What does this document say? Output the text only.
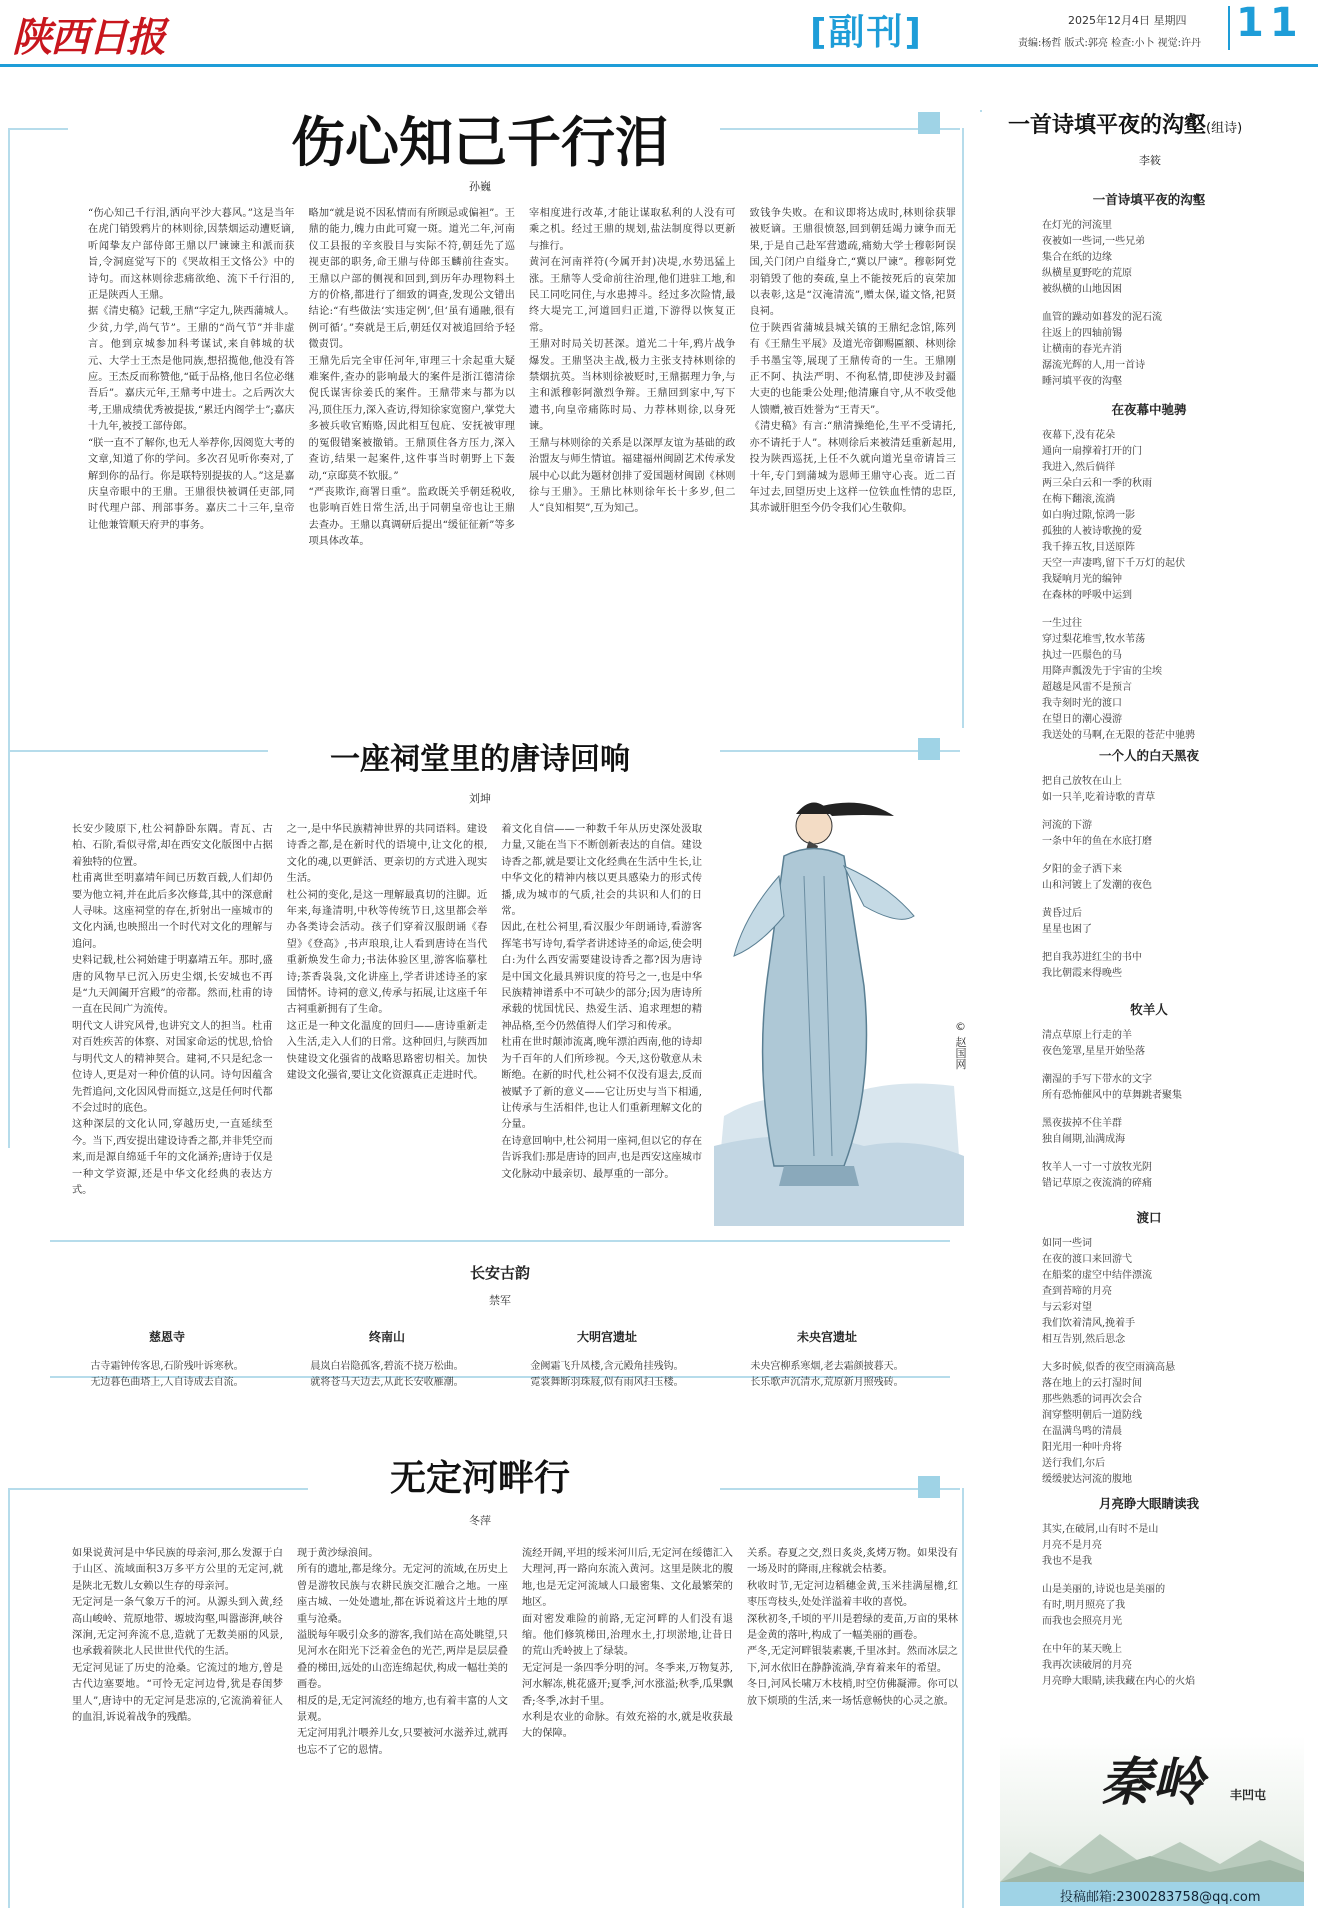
陕西日报	[副刊]	2025年12月4日 星期四
责编:杨哲 版式:郭亮 检查:小卜 视觉:许丹 11
伤心知己千行泪
孙巍
“伤心知己千行泪,洒向平沙大暮风。”这是当年在虎门销毁鸦片的林则徐,因禁烟运动遭贬谪,听闻挚友户部侍郎王鼎以尸谏谏主和派而获旨,令洞庭觉写下的《哭故相王文恪公》中的诗句。而这林则徐悲痛欲绝、流下千行泪的,正是陕西人王鼎。
据《清史稿》记载,王鼎“字定九,陕西蒲城人。少贫,力学,尚气节”。王鼎的“尚气节”并非虚言。他到京城参加科考谋试,来自韩城的状元、大学士王杰是他同族,想招揽他,他没有答应。王杰反而称赞他,“砥于品格,他日名位必继吾后”。嘉庆元年,王鼎考中进士。之后两次大考,王鼎成绩优秀被提拔,“累迁内阁学士”;嘉庆十九年,被授工部侍郎。
“朕一直不了解你,也无人举荐你,因阅览大考的文章,知道了你的学问。多次召见听你奏对,了解到你的品行。你是联特别提拔的人。”这是嘉庆皇帝眼中的王鼎。王鼎很快被调任吏部,同时代理户部、刑部事务。嘉庆二十三年,皇帝让他兼管顺天府尹的事务。
略加“就是说不因私情而有所顾忌或偏袒”。王鼎的能力,魄力由此可窥一斑。道光二年,河南仪工县报的辛亥股目与实际不符,朝廷先了巡视吏部的职务,命王鼎与侍郎玉麟前往查实。王鼎以户部的侧视和回到,到历年办理物料土方的价格,都进行了细致的调查,发现公文错出结论:“有些做法‘实违定例’,但‘虽有通融,很有例可循’。”奏就是王后,朝廷仅对被追回给予轻微责罚。
王鼎先后完全审任河年,审理三十余起重大疑难案件,查办的影响最大的案件是浙江德清徐倪氏谋害徐姜氏的案件。王鼎带来与都为以冯,顶住压力,深入查访,得知徐家宽窗户,掌党大多被兵收官贿赂,因此相互包庇、安抚被审理的冤假错案被撤销。王鼎顶住各方压力,深入查访,结果一起案件,这件事当时朝野上下轰动,“京邸莫不钦服。”
“严丧欺诈,商署日重”。监政既关乎朝廷税收,也影响百姓日常生活,出于同朝皇帝也让王鼎去查办。王鼎以真调研后提出“缓征征新”等多项具体改革。
宰相度进行改革,才能让谋取私利的人没有可乘之机。经过王鼎的规划,盐法制度得以更新与推行。
黄河在河南祥符(今属开封)决堤,水势迅猛上涨。王鼎等人受命前往治理,他们进驻工地,和民工同吃同住,与水患搏斗。经过多次险情,最终大堤完工,河道回归正道,下游得以恢复正常。
王鼎对时局关切甚深。道光二十年,鸦片战争爆发。王鼎坚决主战,极力主张支持林则徐的禁烟抗英。当林则徐被贬时,王鼎据理力争,与主和派穆彰阿激烈争辩。王鼎回到家中,写下遗书,向皇帝痛陈时局、力荐林则徐,以身死谏。
王鼎与林则徐的关系是以深厚友谊为基础的政治盟友与师生情谊。福建福州闽剧艺术传承发展中心以此为题材创排了爱国题材闽剧《林则徐与王鼎》。王鼎比林则徐年长十多岁,但二人“良知相契”,互为知己。
致钱争失败。在和议即将达成时,林则徐获罪被贬谪。王鼎很愤怒,回到朝廷竭力谏争而无果,于是自己赴军营遗疏,痛劾大学士穆彰阿误国,关门闭户自缢身亡,“冀以尸谏”。穆彰阿党羽销毁了他的奏疏,皇上不能按死后的哀荣加以表彰,这是“汉淹清流”,赠太保,谥文恪,祀贤良祠。
位于陕西省蒲城县城关镇的王鼎纪念馆,陈列有《王鼎生平展》及道光帝御赐匾额、林则徐手书墨宝等,展现了王鼎传奇的一生。王鼎刚正不阿、执法严明、不徇私情,即使涉及封疆大吏的也能秉公处理;他清廉自守,从不收受他人馈赠,被百姓誉为“王青天”。
《清史稿》有言:“鼎清操绝伦,生平不受请托,亦不请托于人”。林则徐后来被清廷重新起用,投为陕西巡抚,上任不久就向道光皇帝请旨三十年,专门到蒲城为恩师王鼎守心丧。近二百年过去,回望历史上这样一位铁血性情的忠臣,其赤诚肝胆至今仍令我们心生敬仰。
一座祠堂里的唐诗回响
刘坤
长安少陵原下,杜公祠静卧东隅。青瓦、古柏、石阶,看似寻常,却在西安文化版图中占据着独特的位置。
杜甫离世至明嘉靖年间已历数百载,人们却仍要为他立祠,并在此后多次修葺,其中的深意耐人寻味。这座祠堂的存在,折射出一座城市的文化内涵,也映照出一个时代对文化的理解与追问。
史料记载,杜公祠始建于明嘉靖五年。那时,盛唐的风物早已沉入历史尘烟,长安城也不再是“九天阊阖开宫殿”的帝都。然而,杜甫的诗一直在民间广为流传。
明代文人讲究风骨,也讲究文人的担当。杜甫对百姓疾苦的体察、对国家命运的忧思,恰恰与明代文人的精神契合。建祠,不只是纪念一位诗人,更是对一种价值的认同。诗句因蕴含先哲追问,文化因风骨而挺立,这是任何时代都不会过时的底色。
这种深层的文化认同,穿越历史,一直延续至今。当下,西安提出建设诗香之都,并非凭空而来,而是源自绵延千年的文化涵养;唐诗于仅是一种文学资源,还是中华文化经典的表达方式。
之一,是中华民族精神世界的共同语料。建设诗香之都,是在新时代的语境中,让文化的根,文化的魂,以更鲜活、更亲切的方式进入现实生活。
杜公祠的变化,是这一理解最真切的注脚。近年来,每逢清明,中秋等传统节日,这里都会举办各类诗会活动。孩子们穿着汉服朗诵《春望》《登高》,书声琅琅,让人看到唐诗在当代重新焕发生命力;书法体验区里,游客临摹杜诗;茶香袅袅,文化讲座上,学者讲述诗圣的家国情怀。诗祠的意义,传承与拓展,让这座千年古祠重新拥有了生命。
这正是一种文化温度的回归——唐诗重新走入生活,走入人们的日常。这种回归,与陕西加快建设文化强省的战略思路密切相关。加快建设文化强省,要让文化资源真正走进时代。
着文化自信——一种数千年从历史深处汲取力量,又能在当下不断创新表达的自信。建设诗香之都,就是要让文化经典在生活中生长,让中华文化的精神内核以更具感染力的形式传播,成为城市的气质,社会的共识和人们的日常。
因此,在杜公祠里,看汉服少年朗诵诗,看游客挥笔书写诗句,看学者讲述诗圣的命运,使会明白:为什么西安需要建设诗香之都?因为唐诗是中国文化最具辨识度的符号之一,也是中华民族精神谱系中不可缺少的部分;因为唐诗所承载的忧国忧民、热爱生活、追求理想的精神品格,至今仍然值得人们学习和传承。
杜甫在世时颠沛流离,晚年漂泊西南,他的诗却为千百年的人们所珍视。今天,这份敬意从未断绝。在新的时代,杜公祠不仅没有退去,反而被赋予了新的意义——它让历史与当下相通,让传承与生活相伴,也让人们重新理解文化的分量。
在诗意回响中,杜公祠用一座祠,但以它的存在告诉我们:那是唐诗的回声,也是西安这座城市文化脉动中最亲切、最厚重的一部分。
© 赵国网
长安古韵
禁军
慈恩寺
古寺霜钟传客思,石阶残叶诉寒秋。
无边暮色曲塔上,人自诗成去自流。
终南山
晨岚白岩隐孤客,碧流不挠万松曲。
就将苍马天边去,从此长安收雁潮。
大明宫遗址
金阙霜飞升凤楼,含元殿角挂残钩。
霓裳舞断羽珠屐,似有雨风扫玉楼。
未央宫遗址
未央宫柳系寒烟,老去霜颜披暮天。
长乐歌声沉清水,荒原新月照残砖。
无定河畔行
冬萍
如果说黄河是中华民族的母亲河,那么发源于白于山区、流域面积3万多平方公里的无定河,就是陕北无数儿女赖以生存的母亲河。
无定河是一条气象万千的河。从源头到入黄,经高山峻岭、荒原地带、塬坡沟壑,叫嚣澎湃,峡谷深涧,无定河奔流不息,造就了无数美丽的风景,也承载着陕北人民世世代代的生活。
无定河见证了历史的沧桑。它流过的地方,曾是古代边塞要地。“可怜无定河边骨,犹是春闺梦里人”,唐诗中的无定河是悲凉的,它流淌着征人的血泪,诉说着战争的残酷。
现于黄沙绿浪间。
所有的遗址,都是缘分。无定河的流域,在历史上曾是游牧民族与农耕民族交汇融合之地。一座座古城、一处处遗址,都在诉说着这片土地的厚重与沧桑。
溢脱每年吸引众多的游客,我们站在高处眺望,只见河水在阳光下泛着金色的光芒,两岸是层层叠叠的梯田,远处的山峦连绵起伏,构成一幅壮美的画卷。
相反的是,无定河流经的地方,也有着丰富的人文景观。
无定河用乳汁喂养儿女,只要被河水滋养过,就再也忘不了它的恩情。
流经开阔,平坦的绥米河川后,无定河在绥德汇入大理河,再一路向东流入黄河。这里是陕北的腹地,也是无定河流域人口最密集、文化最繁荣的地区。
面对密发难险的前路,无定河畔的人们没有退缩。他们修筑梯田,治理水土,打坝淤地,让昔日的荒山秃岭披上了绿装。
无定河是一条四季分明的河。冬季来,万物复苏,河水解冻,桃花盛开;夏季,河水涨溢;秋季,瓜果飘香;冬季,冰封千里。
水利是农业的命脉。有效充裕的水,就是收获最大的保障。
关系。春夏之交,烈日炙炎,炙烤万物。如果没有一场及时的降雨,庄稼就会枯萎。
秋收时节,无定河边稻穗金黄,玉米挂满屋檐,红枣压弯枝头,处处洋溢着丰收的喜悦。
深秋初冬,千顷的平川是碧绿的麦苗,万亩的果林是金黄的落叶,构成了一幅美丽的画卷。
严冬,无定河畔银装素裹,千里冰封。然而冰层之下,河水依旧在静静流淌,孕育着来年的希望。
冬日,河风长啸万木枝梢,时空仿佛凝滞。你可以放下烦琐的生活,来一场恬意畅快的心灵之旅。
一首诗填平夜的沟壑(组诗)
李筱
一首诗填平夜的沟壑
在灯光的河流里
夜被如一些词,一些兄弟
集合在纸的边缘
纵横星夏野吃的荒原
被纵横的山地因困
血管的躁动如暮发的泥石流
往返上的四轴前锡
让横南的春光卉消
潺流光辉的人,用一首诗
睡河填平夜的沟壑
在夜幕中驰骋
夜幕下,没有花朵
通向一扇撑着打开的门
我进入,然后倘徉
两三朵白云和一季的秋雨
在梅下翻滚,流淌
如白驹过隙,惊鸿一影
孤独的人被诗歌挽的爱
我千捧五牧,目送原阵
天空一声凄鸣,留下千万灯的起伏
我疑响月光的编钟
在森林的呼吸中运到
一生过往
穿过梨花堆雪,牧水苇荡
执过一匹鬃色的马
用降声瓢泼先于宇宙的尘埃
超越是风雷不是预言
我寺刻时光的渡口
在望日的潮心漫游
我送处的马啊,在无限的苍茫中驰骋
一个人的白天黑夜
把自己放牧在山上
如一只羊,吃着诗歌的青草
河流的下游
一条中年的鱼在水底打磨
夕阳的金子洒下来
山和河镀上了发潮的夜色
黄昏过后
星星也困了
把自我苏进红尘的书中
我比朝霞来得晚些
牧羊人
清点草原上行走的羊
夜色笼罩,星星开始坠落
潮湿的手写下带水的文字
所有恐怖催风中的草舞跳者聚集
黑夜拔掉不住羊群
独自闹期,汕满成海
牧羊人一寸一寸放牧光阴
错记草原之夜流淌的碎痛
渡口
如同一些词
在夜的渡口来回游弋
在船桨的虚空中结伴漂流
查到苔啼的月亮
与云彩对望
我们饮着清风,挽着手
相互告别,然后思念
大多时候,似香的夜空雨滴高悬
落在地上的云打湿时间
那些熟悉的词再次会合
润穿整明朝后一道防线
在温满鸟鸣的清晨
阳光用一种叶舟将
送行我们,尔后
缓缓驶达河流的腹地
月亮睁大眼睛读我
其实,在破屑,山有时不是山
月亮不是月亮
我也不是我
山是美丽的,诗说也是美丽的
有时,明月照亮了我
而我也会照亮月光
在中年的某天晚上
我再次读破屑的月亮
月亮睁大眼睛,读我藏在内心的火焰
秦岭 丰凹屯
投稿邮箱:2300283758@qq.com
